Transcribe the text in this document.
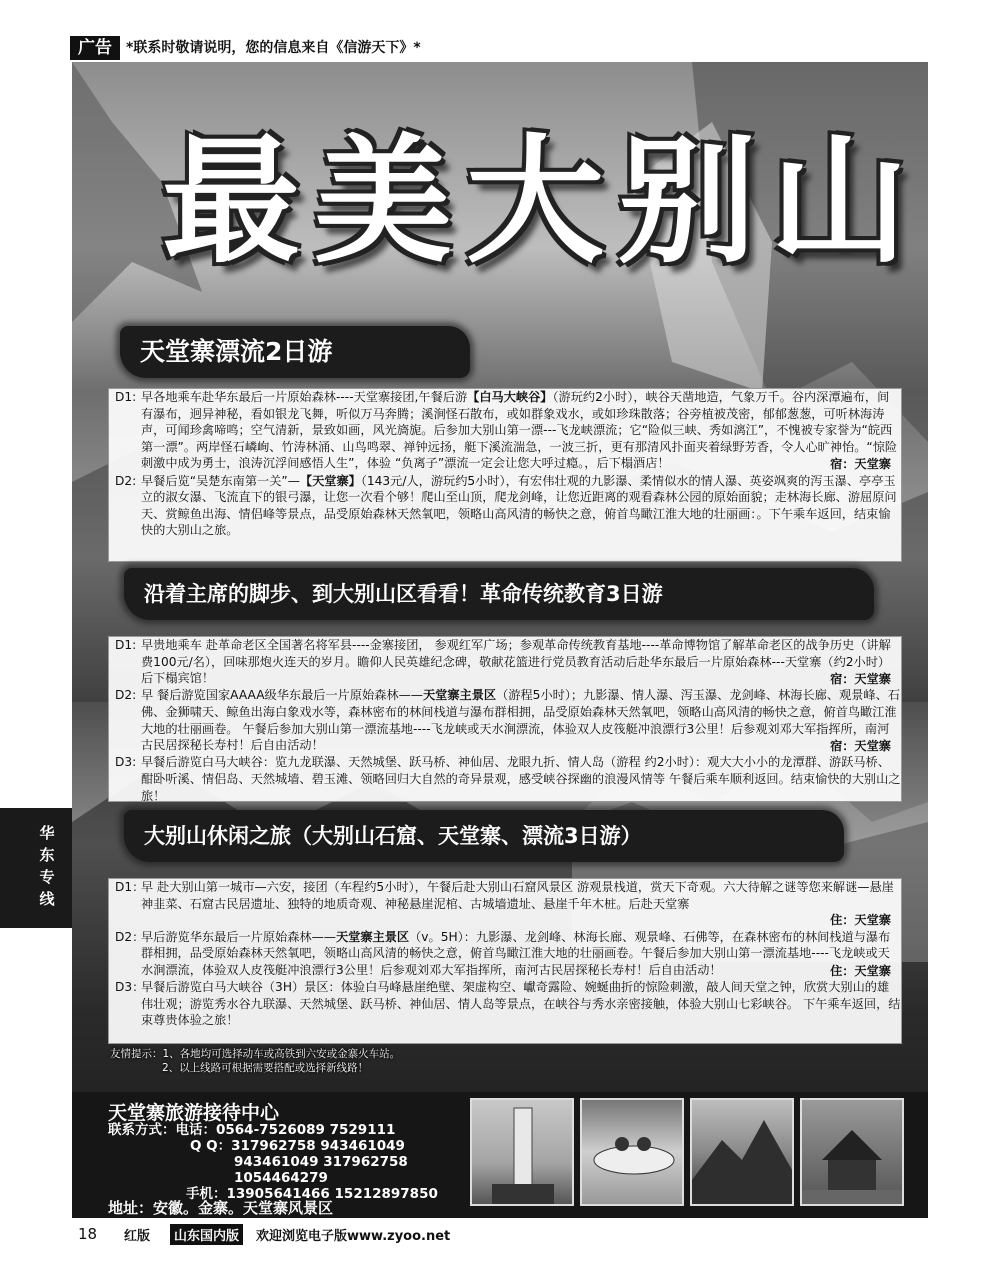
广告	*联系时敬请说明，您的信息来自《信游天下》*
最美大别山
天堂寨漂流2日游
D1: 早各地乘车赴华东最后一片原始森林----天堂寨接团,午餐后游【白马大峡谷】（游玩约2小时），峡谷天凿地造，气象万千。谷内深潭遍布，间有瀑布，迥异神秘，看如银龙飞舞，听似万马奔腾；溪涧怪石散布，或如群象戏水，或如珍珠散落；谷旁植被茂密，郁郁葱葱，可听林海涛声，可闻珍禽啼鸣；空气清新，景致如画，风光旖旎。后参加大别山第一漂---飞龙峡漂流；它“险似三峡、秀如漓江”，不愧被专家誉为“皖西第一漂”。两岸怪石嶙峋、竹涛林涌、山鸟鸣翠、禅钟远扬，艇下溪流湍急，一波三折，更有那清风扑面夹着绿野芳香，令人心旷神怡。“惊险刺激中成为勇士，浪涛沉浮间感悟人生”，体验 “负离子”漂流一定会让您大呼过瘾。，后下榻酒店！	宿：天堂寨
D2: 早餐后览“吴楚东南第一关”—【天堂寨】（143元/人，游玩约5小时），有宏伟壮观的九影瀑、柔情似水的情人瀑、英姿飒爽的泻玉瀑、亭亭玉立的淑女瀑、飞流直下的银弓瀑，让您一次看个够！爬山至山顶，爬龙剑峰，让您近距离的观看森林公园的原始面貌；走林海长廊、游屈原问天、赏鲸鱼出海、情侣峰等景点，品受原始森林天然氧吧，领略山高风清的畅快之意，俯首鸟瞰江淮大地的壮丽画：。下午乘车返回，结束愉快的大别山之旅。
沿着主席的脚步、到大别山区看看！革命传统教育3日游
D1: 早贵地乘车 赴革命老区全国著名将军县----金寨接团， 参观红军广场；参观革命传统教育基地----革命博物馆了解革命老区的战争历史（讲解费100元/名），回味那炮火连天的岁月。瞻仰人民英雄纪念碑，敬献花篮进行党员教育活动后赴华东最后一片原始森林---天堂寨（约2小时）后下榻宾馆！	宿：天堂寨
D2: 早 餐后游览国家AAAA级华东最后一片原始森林——天堂寨主景区（游程5小时）；九影瀑、情人瀑、泻玉瀑、龙剑峰、林海长廊、观景峰、石佛、金狮啸天、鲸鱼出海白象戏水等，森林密布的林间栈道与瀑布群相拥，品受原始森林天然氧吧，领略山高风清的畅快之意，俯首鸟瞰江淮大地的壮丽画卷。 午餐后参加大别山第一漂流基地----飞龙峡或天水涧漂流，体验双人皮筏艇冲浪漂行3公里！后参观刘邓大军指挥所，南河古民居探秘长寿村！后自由活动！	宿：天堂寨
D3: 早餐后游览白马大峡谷：览九龙联瀑、天然城堡、跃马桥、神仙居、龙眼九折、情人岛（游程 约2小时）：观大大小小的龙潭群、游跃马桥、酣卧听溪、情侣岛、天然城墙、碧玉滩、领略回归大自然的奇异景观，感受峡谷探幽的浪漫风情等 午餐后乘车顺利返回。结束愉快的大别山之旅！
大别山休闲之旅（大别山石窟、天堂寨、漂流3日游）
D1：
早 赴大别山第一城市—六安，接团（车程约5小时），午餐后赴大别山石窟风景区 游观景栈道，赏天下奇观。六大待解之谜等您来解谜—悬崖神韭菜、石窟古民居遗址、独特的地质奇观、神秘悬崖泥棺、古城墙遗址、悬崖千年木桩。后赴天堂寨
住：天堂寨
D2：
早后游览华东最后一片原始森林——天堂寨主景区（v。5H）：九影瀑、龙剑峰、林海长廊、观景峰、石佛等，在森林密布的林间栈道与瀑布群相拥，品受原始森林天然氧吧，领略山高风清的畅快之意，俯首鸟瞰江淮大地的壮丽画卷。午餐后参加大别山第一漂流基地----飞龙峡或天水涧漂流，体验双人皮筏艇冲浪漂行3公里！后参观刘邓大军指挥所，南河古民居探秘长寿村！后自由活动！	住：天堂寨
D3：
早餐后游览白马大峡谷（3H）景区：体验白马峰悬崖绝壁、架虚构空、巘奇露险、婉蜒曲折的惊险刺激，敲人间天堂之钟，欣赏大别山的雄伟壮观；游览秀水谷九联瀑、天然城堡、跃马桥、神仙居、情人岛等景点，在峡谷与秀水亲密接触，体验大别山七彩峡谷。 下午乘车返回，结束尊贵体验之旅！
友情提示：1、各地均可选择动车或高铁到六安或金寨火车站。
2、以上线路可根据需要搭配或选择新线路！
天堂寨旅游接待中心
联系方式：电话：0564-7526089 7529111
Q Q：317962758 943461049
943461049 317962758
1054464279
手机：13905641466 15212897850
地址：安徽。金寨。天堂寨风景区
华东专线
18 红版	山东国内版	欢迎浏览电子版www.zyoo.net
